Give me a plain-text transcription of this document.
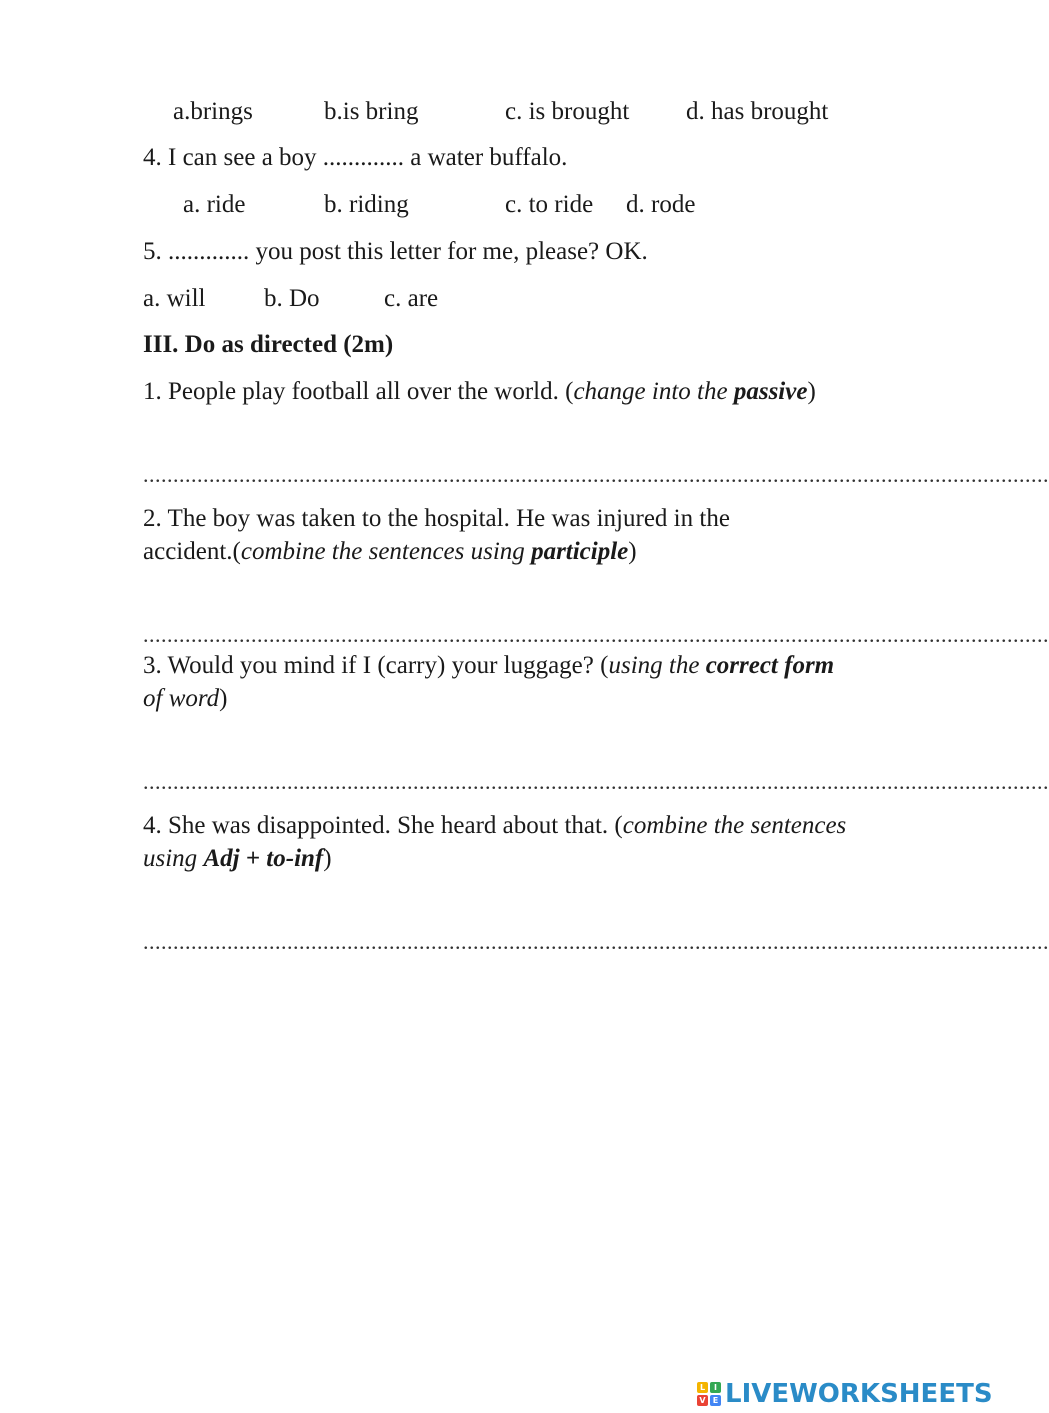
a.brings	b.is bring	c. is brought d. has brought
4. I can see a boy ............. a water buffalo.
a. ride	b. riding	c. to ride d. rode
5. ............. you post this letter for me, please? OK.
a. will b. Do	c. are
III. Do as directed (2m)
1. People play football all over the world. (change into the passive)
.......................................................................................................................................................
2. The boy was taken to the hospital. He was injured in the
accident.(combine the sentences using participle)
.......................................................................................................................................................
3. Would you mind if I (carry) your luggage? (using the correct form
of word)
.......................................................................................................................................................
4. She was disappointed. She heard about that. (combine the sentences
using Adj + to-inf)
.......................................................................................................................................................
L	I
V E LIVEWORKSHEETS
